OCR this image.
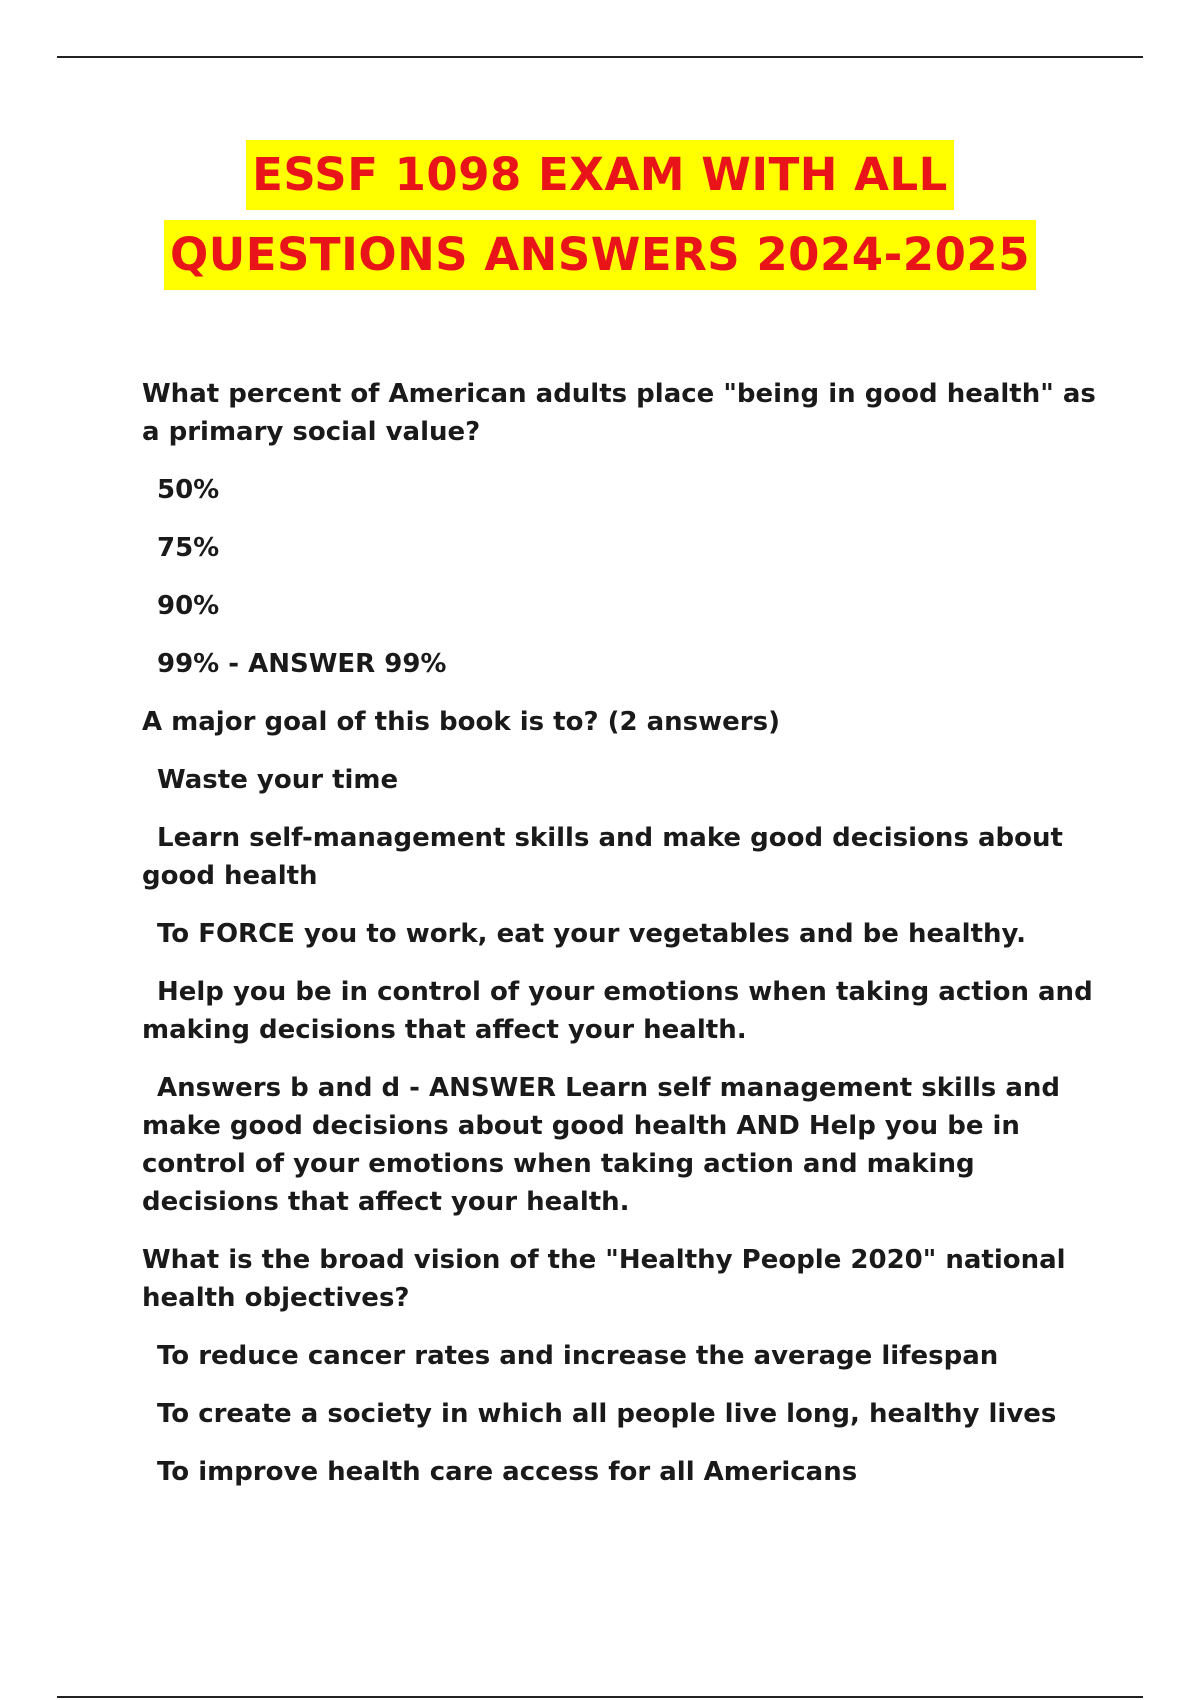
ESSF 1098 EXAM WITH ALL
QUESTIONS ANSWERS 2024-2025
What percent of American adults place "being in good health" as a primary social value?
50%
75%
90%
99% - ANSWER 99%
A major goal of this book is to? (2 answers)
Waste your time
Learn self-management skills and make good decisions about good health
To FORCE you to work, eat your vegetables and be healthy.
Help you be in control of your emotions when taking action and making decisions that affect your health.
Answers b and d - ANSWER Learn self management skills and make good decisions about good health AND Help you be in control of your emotions when taking action and making decisions that affect your health.
What is the broad vision of the "Healthy People 2020" national health objectives?
To reduce cancer rates and increase the average lifespan
To create a society in which all people live long, healthy lives
To improve health care access for all Americans
